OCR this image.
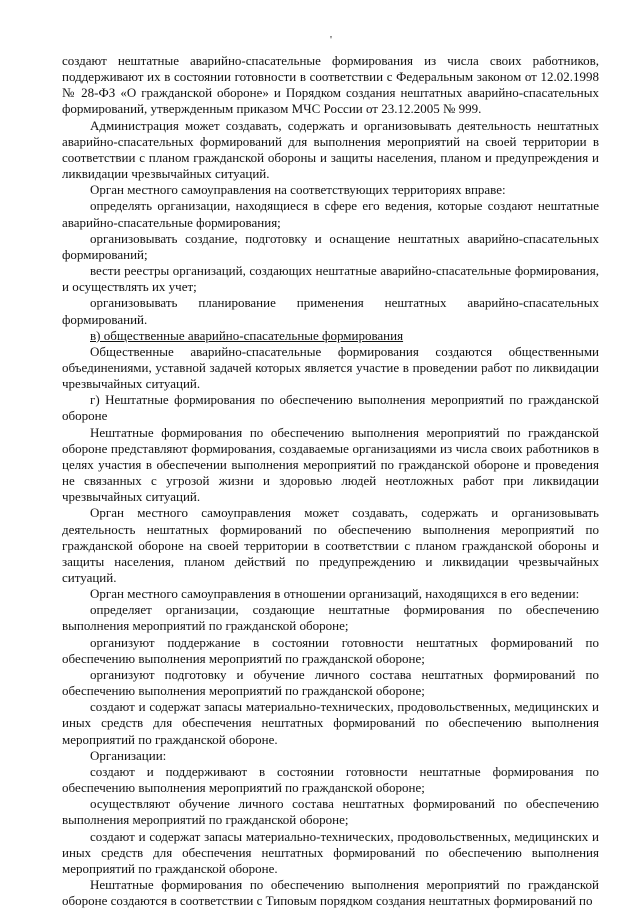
'

создают нештатные аварийно-спасательные формирования из числа своих работников, поддерживают их в состоянии готовности в соответствии с Федеральным законом от 12.02.1998 № 28-ФЗ «О гражданской обороне» и Порядком создания нештатных аварийно-спасательных формирований, утвержденным приказом МЧС России от 23.12.2005 № 999.

Администрация может создавать, содержать и организовывать деятельность нештатных аварийно-спасательных формирований для выполнения мероприятий на своей территории в соответствии с планом гражданской обороны и защиты населения, планом и предупреждения и ликвидации чрезвычайных ситуаций.

Орган местного самоуправления на соответствующих территориях вправе:

определять организации, находящиеся в сфере его ведения, которые создают нештатные аварийно-спасательные формирования;

организовывать создание, подготовку и оснащение нештатных аварийно-спасательных формирований;

вести реестры организаций, создающих нештатные аварийно-спасательные формирования, и осуществлять их учет;

организовывать планирование применения нештатных аварийно-спасательных формирований.

в) общественные аварийно-спасательные формирования

Общественные аварийно-спасательные формирования создаются общественными объединениями, уставной задачей которых является участие в проведении работ по ликвидации чрезвычайных ситуаций.

г) Нештатные формирования по обеспечению выполнения мероприятий по гражданской обороне

Нештатные формирования по обеспечению выполнения мероприятий по гражданской обороне представляют формирования, создаваемые организациями из числа своих работников в целях участия в обеспечении выполнения мероприятий по гражданской обороне и проведения не связанных с угрозой жизни и здоровью людей неотложных работ при ликвидации чрезвычайных ситуаций.

Орган местного самоуправления может создавать, содержать и организовывать деятельность нештатных формирований по обеспечению выполнения мероприятий по гражданской обороне на своей территории в соответствии с планом гражданской обороны и защиты населения, планом действий по предупреждению и ликвидации чрезвычайных ситуаций.

Орган местного самоуправления в отношении организаций, находящихся в его ведении:

определяет организации, создающие нештатные формирования по обеспечению выполнения мероприятий по гражданской обороне;

организуют поддержание в состоянии готовности нештатных формирований по обеспечению выполнения мероприятий по гражданской обороне;

организуют подготовку и обучение личного состава нештатных формирований по обеспечению выполнения мероприятий по гражданской обороне;

создают и содержат запасы материально-технических, продовольственных, медицинских и иных средств для обеспечения нештатных формирований по обеспечению выполнения мероприятий по гражданской обороне.

Организации:

создают и поддерживают в состоянии готовности нештатные формирования по обеспечению выполнения мероприятий по гражданской обороне;

осуществляют обучение личного состава нештатных формирований по обеспечению выполнения мероприятий по гражданской обороне;

создают и содержат запасы материально-технических, продовольственных, медицинских и иных средств для обеспечения нештатных формирований по обеспечению выполнения мероприятий по гражданской обороне.

Нештатные формирования по обеспечению выполнения мероприятий по гражданской обороне создаются в соответствии с Типовым порядком создания нештатных формирований по
